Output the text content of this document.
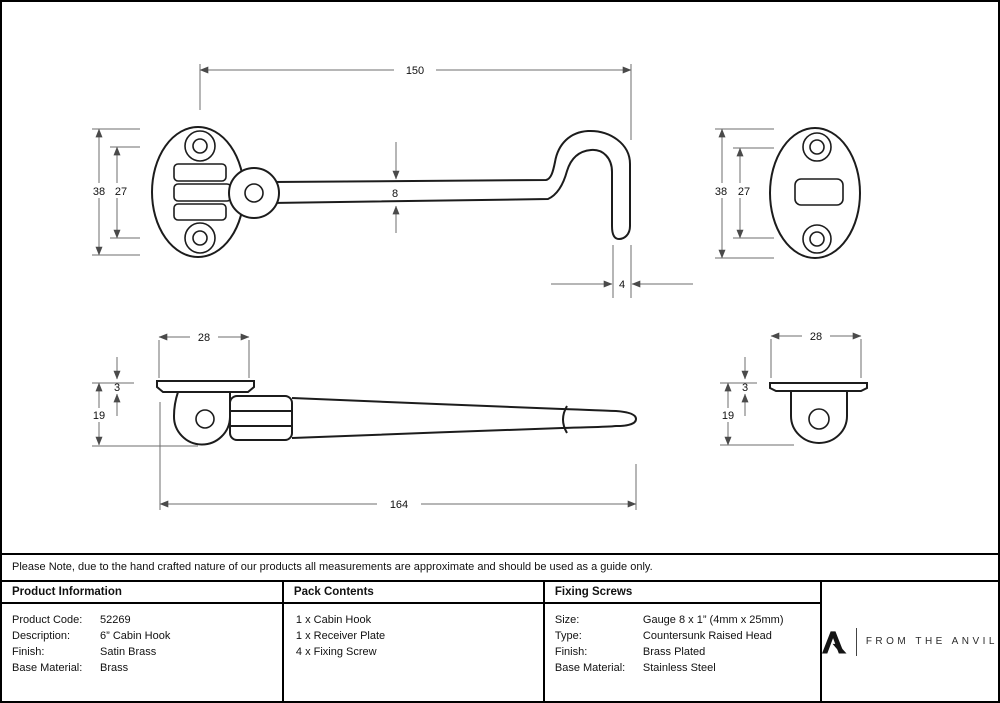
150
8
4
38 27	38 27
28
3
19
164
28
3
19
Please Note, due to the hand crafted nature of our products all measurements are approximate and should be used as a guide only.
Product Information
Product Code:	52269
Description:	6” Cabin Hook
Finish:	Satin Brass
Base Material:	Brass
Pack Contents
1 x Cabin Hook
1 x Receiver Plate
4 x Fixing Screw
Fixing Screws
Size:	Gauge 8 x 1” (4mm x 25mm)
Type:	Countersunk Raised Head
Finish:	Brass Plated
Base Material:	Stainless Steel
FROM THE ANVIL
